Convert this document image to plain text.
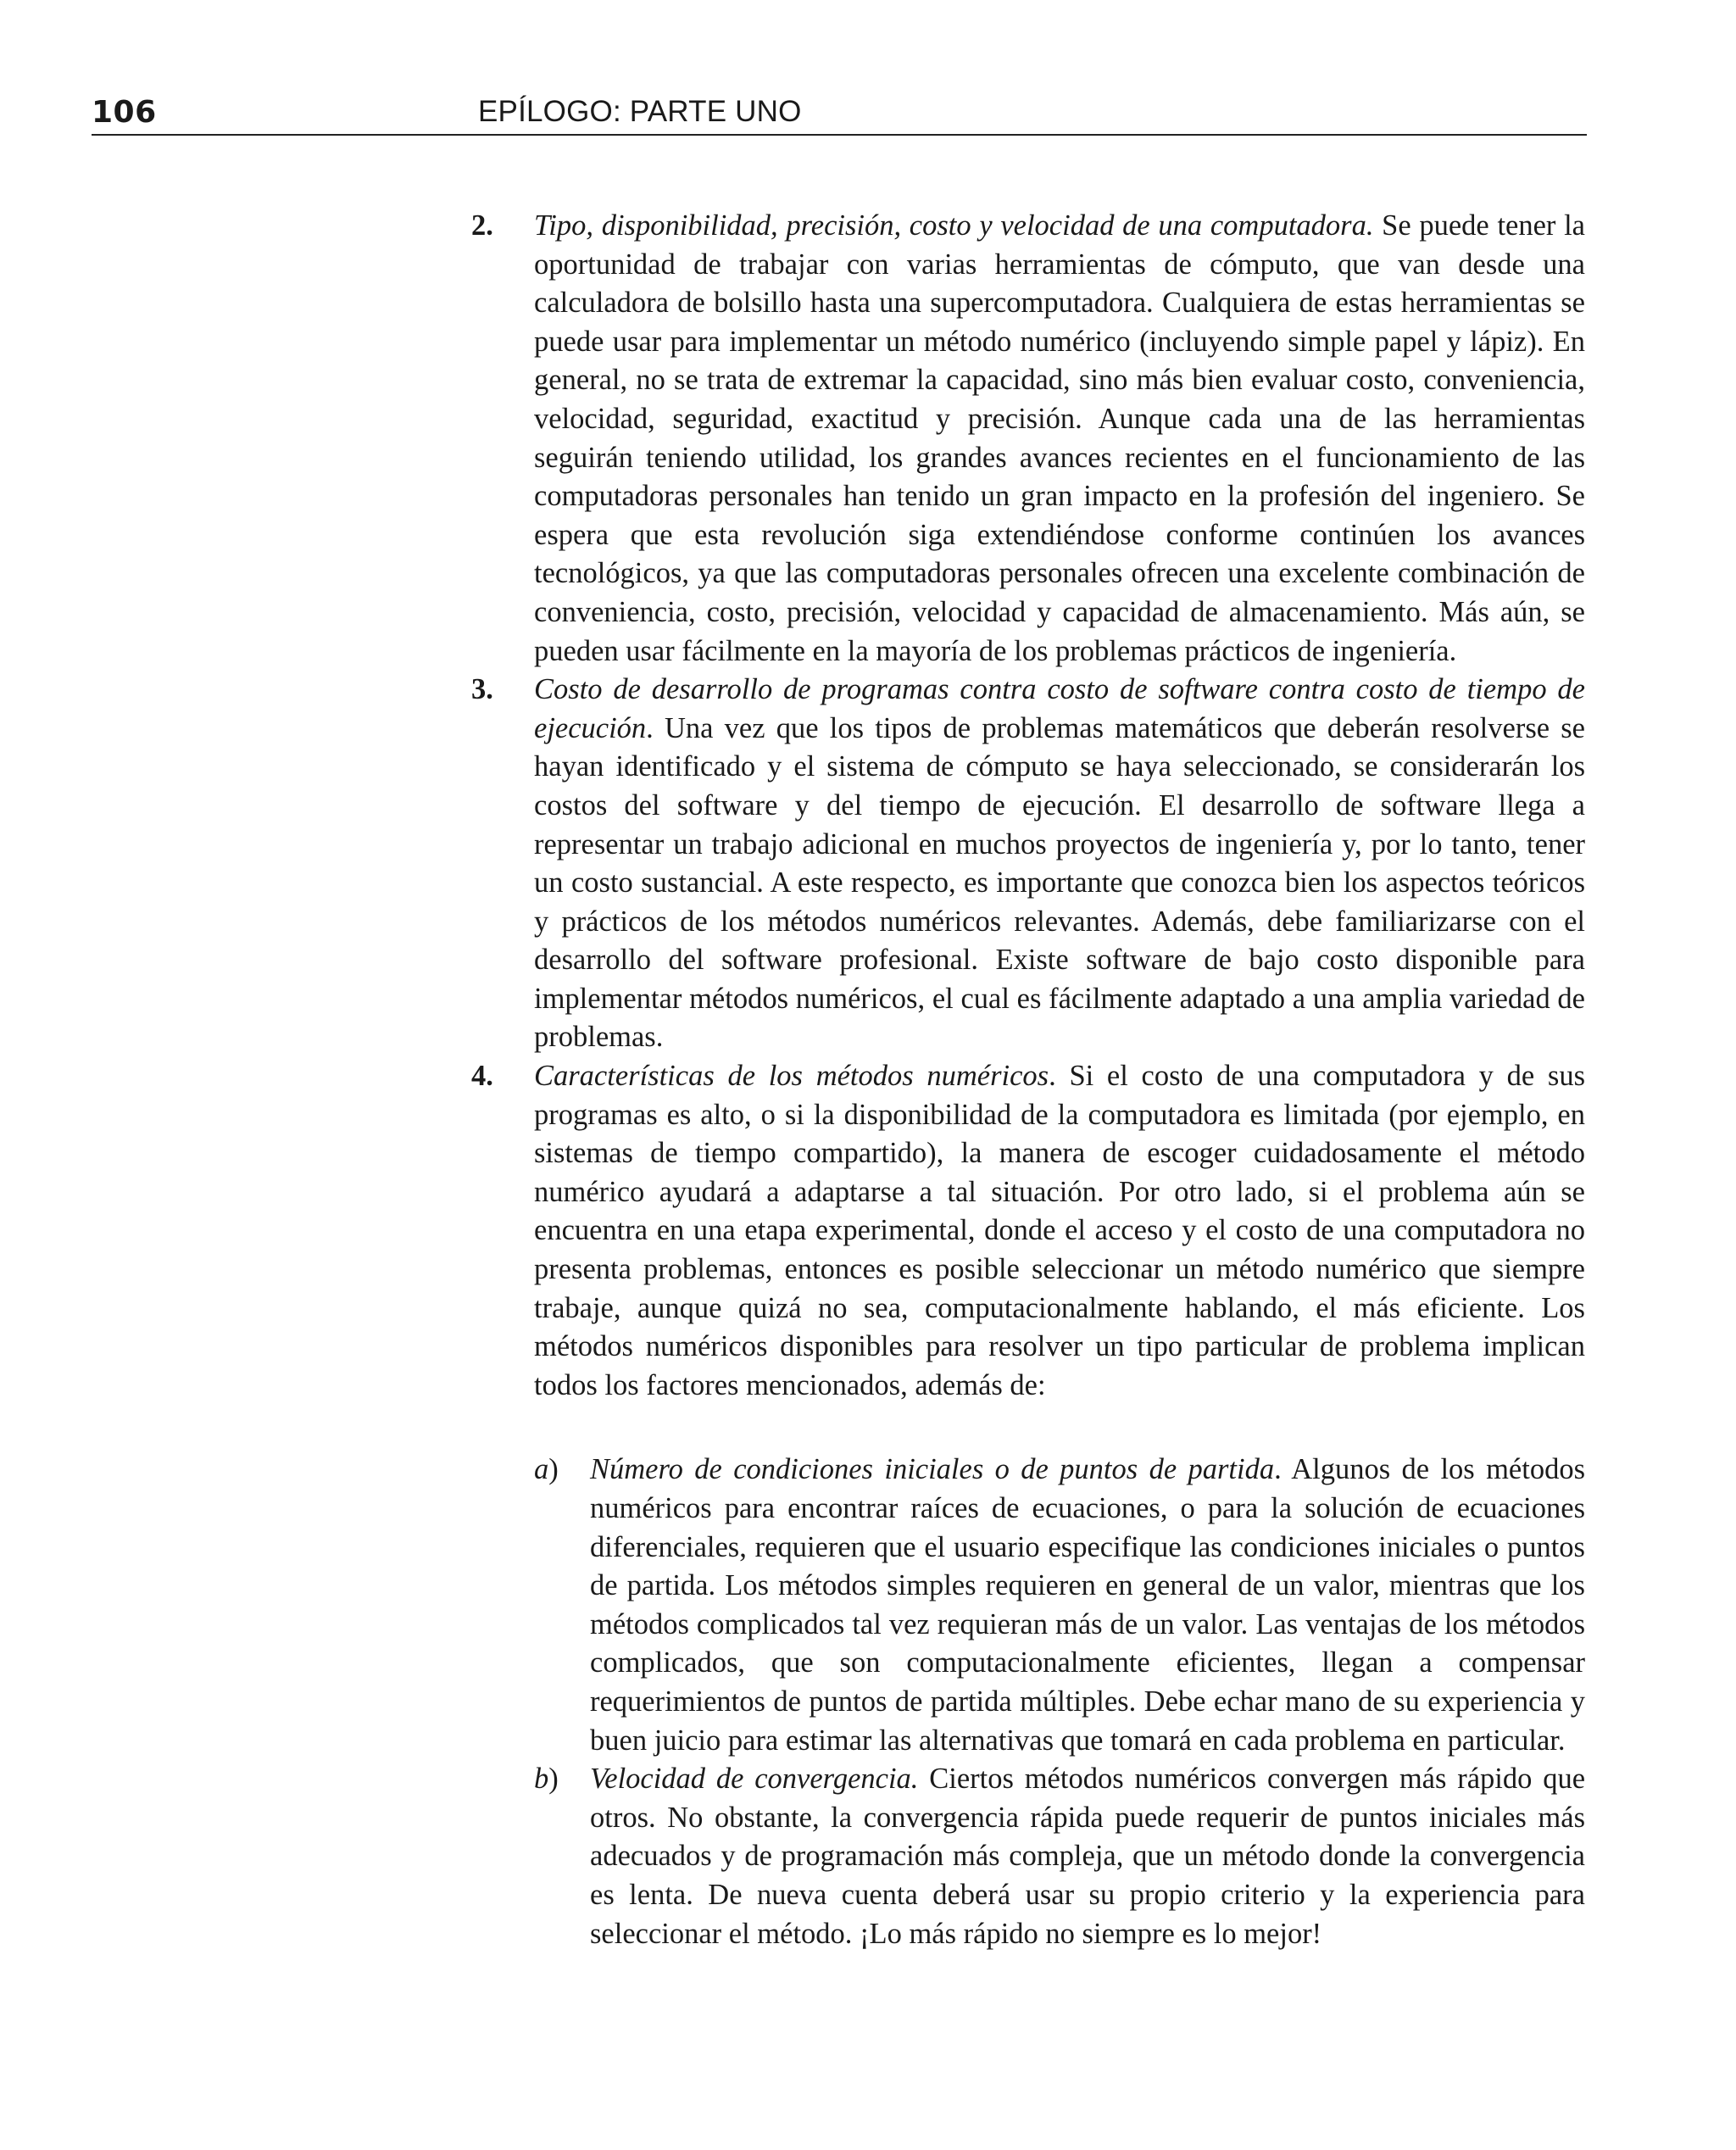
106	EPÍLOGO: PARTE UNO
2. Tipo, disponibilidad, precisión, costo y velocidad de una computadora. Se puede tener la oportunidad de trabajar con varias herramientas de cómputo, que van desde una calculadora de bolsillo hasta una supercomputadora. Cualquiera de estas herramientas se puede usar para implementar un método numérico (incluyendo simple papel y lápiz). En general, no se trata de extremar la capacidad, sino más bien evaluar costo, conveniencia, velocidad, seguridad, exactitud y precisión. Aunque cada una de las herramientas seguirán teniendo utilidad, los grandes avances recientes en el funcionamiento de las computadoras personales han tenido un gran impacto en la profesión del ingeniero. Se espera que esta revolución siga extendiéndose conforme continúen los avances tecnológicos, ya que las computadoras personales ofrecen una excelente combinación de conveniencia, costo, precisión, velocidad y capacidad de almacenamiento. Más aún, se pueden usar fácilmente en la mayoría de los problemas prácticos de ingeniería.
3. Costo de desarrollo de programas contra costo de software contra costo de tiempo de ejecución. Una vez que los tipos de problemas matemáticos que deberán resolverse se hayan identificado y el sistema de cómputo se haya seleccionado, se considerarán los costos del software y del tiempo de ejecución. El desarrollo de software llega a representar un trabajo adicional en muchos proyectos de ingeniería y, por lo tanto, tener un costo sustancial. A este respecto, es importante que conozca bien los aspectos teóricos y prácticos de los métodos numéricos relevantes. Además, debe familiarizarse con el desarrollo del software profesional. Existe software de bajo costo disponible para implementar métodos numéricos, el cual es fácilmente adaptado a una amplia variedad de problemas.
4. Características de los métodos numéricos. Si el costo de una computadora y de sus programas es alto, o si la disponibilidad de la computadora es limitada (por ejemplo, en sistemas de tiempo compartido), la manera de escoger cuidadosamente el método numérico ayudará a adaptarse a tal situación. Por otro lado, si el problema aún se encuentra en una etapa experimental, donde el acceso y el costo de una computadora no presenta problemas, entonces es posible seleccionar un método numérico que siempre trabaje, aunque quizá no sea, computacionalmente hablando, el más eficiente. Los métodos numéricos disponibles para resolver un tipo particular de problema implican todos los factores mencionados, además de:
a) Número de condiciones iniciales o de puntos de partida. Algunos de los métodos numéricos para encontrar raíces de ecuaciones, o para la solución de ecuaciones diferenciales, requieren que el usuario especifique las condiciones iniciales o puntos de partida. Los métodos simples requieren en general de un valor, mientras que los métodos complicados tal vez requieran más de un valor. Las ventajas de los métodos complicados, que son computacionalmente eficientes, llegan a compensar requerimientos de puntos de partida múltiples. Debe echar mano de su experiencia y buen juicio para estimar las alternativas que tomará en cada problema en particular.
b) Velocidad de convergencia. Ciertos métodos numéricos convergen más rápido que otros. No obstante, la convergencia rápida puede requerir de puntos iniciales más adecuados y de programación más compleja, que un método donde la convergencia es lenta. De nueva cuenta deberá usar su propio criterio y la experiencia para seleccionar el método. ¡Lo más rápido no siempre es lo mejor!
